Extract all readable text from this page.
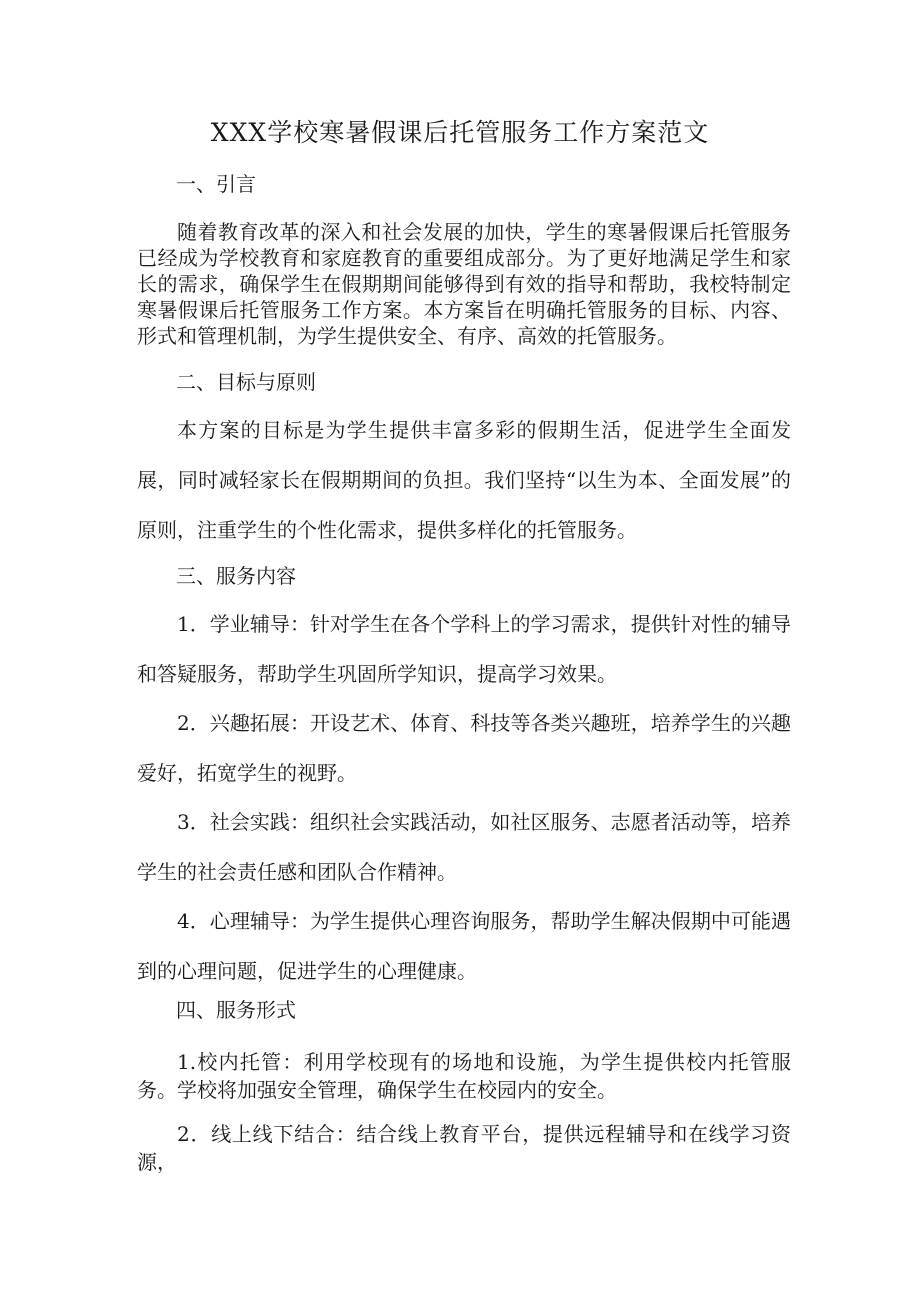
XXX学校寒暑假课后托管服务工作方案范文
一、引言
随着教育改革的深入和社会发展的加快，学生的寒暑假课后托管服务已经成为学校教育和家庭教育的重要组成部分。为了更好地满足学生和家长的需求，确保学生在假期期间能够得到有效的指导和帮助，我校特制定寒暑假课后托管服务工作方案。本方案旨在明确托管服务的目标、内容、形式和管理机制，为学生提供安全、有序、高效的托管服务。
二、目标与原则
本方案的目标是为学生提供丰富多彩的假期生活，促进学生全面发展，同时减轻家长在假期期间的负担。我们坚持“以生为本、全面发展”的原则，注重学生的个性化需求，提供多样化的托管服务。
三、服务内容
1．学业辅导：针对学生在各个学科上的学习需求，提供针对性的辅导和答疑服务，帮助学生巩固所学知识，提高学习效果。
2．兴趣拓展：开设艺术、体育、科技等各类兴趣班，培养学生的兴趣爱好，拓宽学生的视野。
3．社会实践：组织社会实践活动，如社区服务、志愿者活动等，培养学生的社会责任感和团队合作精神。
4．心理辅导：为学生提供心理咨询服务，帮助学生解决假期中可能遇到的心理问题，促进学生的心理健康。
四、服务形式
1.校内托管：利用学校现有的场地和设施，为学生提供校内托管服务。学校将加强安全管理，确保学生在校园内的安全。
2．线上线下结合：结合线上教育平台，提供远程辅导和在线学习资源，
